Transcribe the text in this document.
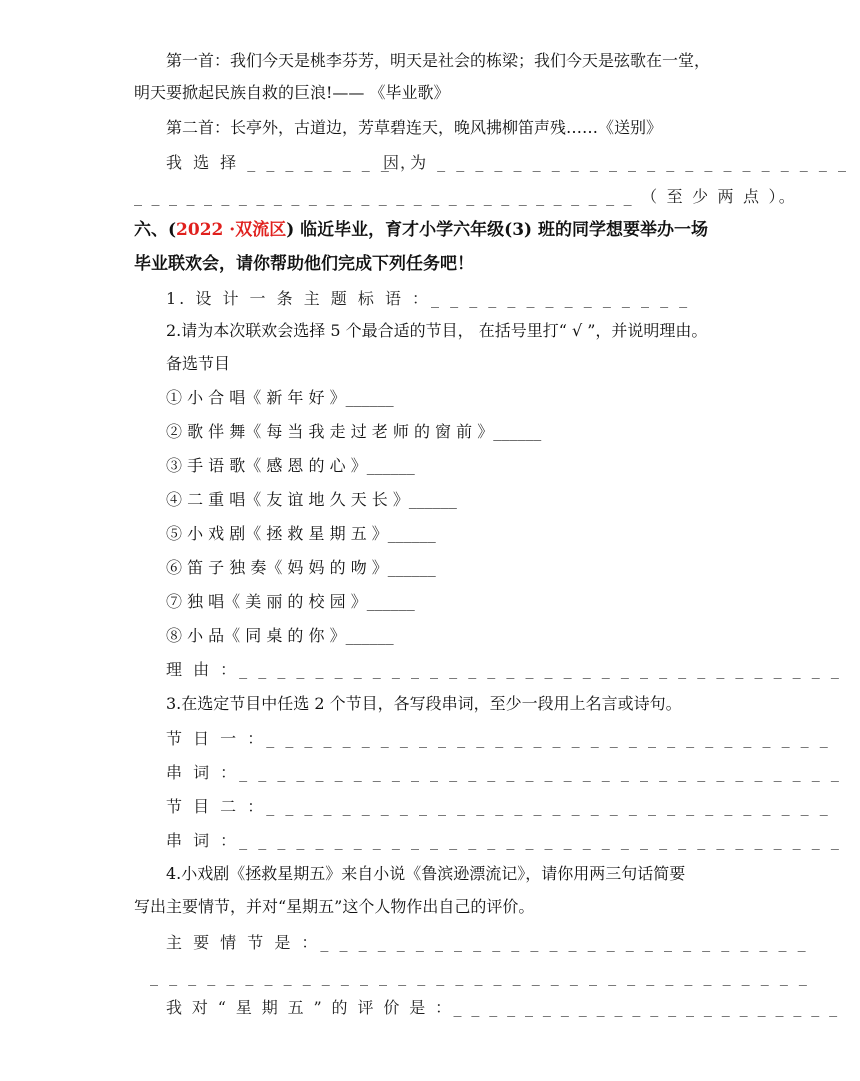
第一首：我们今天是桃李芬芳，明天是社会的栋梁；我们今天是弦歌在一堂，
明天要掀起民族自救的巨浪!—— 《毕业歌》
第二首：长亭外，古道边，芳草碧连天，晚风拂柳笛声残……《送别》
我 选 择 _ _ _ _ _ _ _ _ ，
因 为 _ _ _ _ _ _ _ _ _ _ _ _ _ _ _ _ _ _ _ _ _ _
_ _ _ _ _ _ _ _ _ _ _ _ _ _ _ _ _ _ _ _ _ _ _ _ _ _ _ _ _ （ 至 少 两 点 ）。
六、(2022 ·双流区) 临近毕业，育才小学六年级(3) 班的同学想要举办一场
毕业联欢会，请你帮助他们完成下列任务吧！
1. 设 计 一 条 主 题 标 语 ：_ _ _ _ _ _ _ _ _ _ _ _ _ _
2.请为本次联欢会选择 5 个最合适的节目， 在括号里打“ √ ”，并说明理由。
备选节目
① 小 合 唱《 新 年 好 》______
② 歌 伴 舞《 每 当 我 走 过 老 师 的 窗 前 》______
③ 手 语 歌《 感 恩 的 心 》______
④ 二 重 唱《 友 谊 地 久 天 长 》______
⑤ 小 戏 剧《 拯 救 星 期 五 》______
⑥ 笛 子 独 奏《 妈 妈 的 吻 》______
⑦ 独 唱《 美 丽 的 校 园 》______
⑧ 小 品《 同 桌 的 你 》______
理 由 ：_ _ _ _ _ _ _ _ _ _ _ _ _ _ _ _ _ _ _ _ _ _ _ _ _ _ _ _ _ _ _ _
3.在选定节目中任选 2 个节目，各写段串词，至少一段用上名言或诗句。
节 日 一 ：_ _ _ _ _ _ _ _ _ _ _ _ _ _ _ _ _ _ _ _ _ _ _ _ _ _ _ _ _ _
串 词 ：_ _ _ _ _ _ _ _ _ _ _ _ _ _ _ _ _ _ _ _ _ _ _ _ _ _ _ _ _ _ _ _
节 目 二 ：_ _ _ _ _ _ _ _ _ _ _ _ _ _ _ _ _ _ _ _ _ _ _ _ _ _ _ _ _ _
串 词 ：_ _ _ _ _ _ _ _ _ _ _ _ _ _ _ _ _ _ _ _ _ _ _ _ _ _ _ _ _ _ _ _
4.小戏剧《拯救星期五》来自小说《鲁滨逊漂流记》，请你用两三句话简要
写出主要情节，并对“星期五”这个人物作出自己的评价。
主 要 情 节 是 ：_ _ _ _ _ _ _ _ _ _ _ _ _ _ _ _ _ _ _ _ _ _ _ _ _ _
_ _ _ _ _ _ _ _ _ _ _ _ _ _ _ _ _ _ _ _ _ _ _ _ _ _ _ _ _ _ _ _ _ _ _
我 对 “ 星 期 五 ” 的 评 价 是 ：_ _ _ _ _ _ _ _ _ _ _ _ _ _ _ _ _ _ _ _ _ _
